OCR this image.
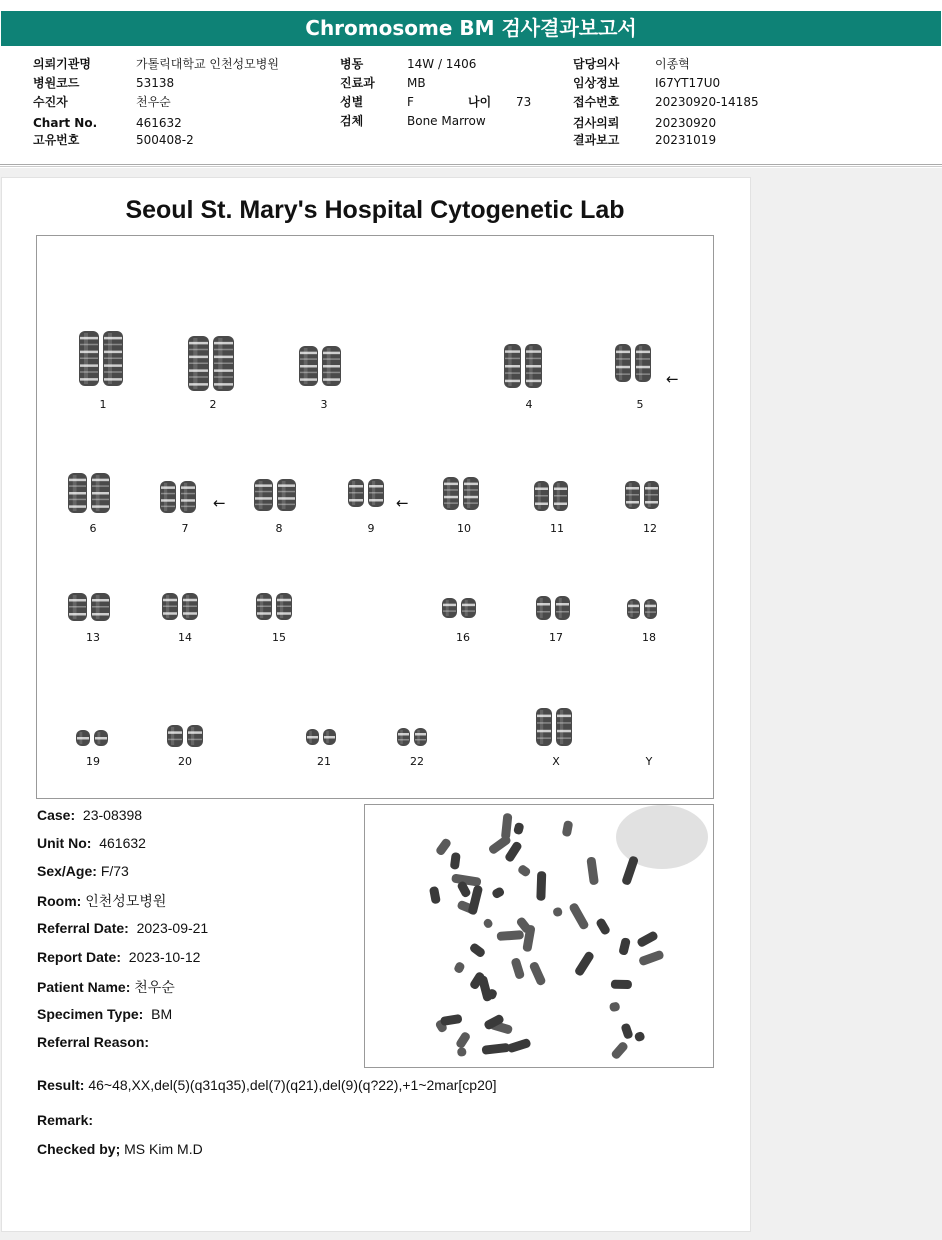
Chromosome BM 검사결과보고서
의뢰기관명	가톨릭대학교 인천성모병원
병원코드	53138
수진자	천우순
Chart No.	461632
고유번호	500408-2
병동	14W / 1406
진료과	MB
성별	F	나이 73
검체	Bone Marrow
담당의사	이종혁
임상정보	I67YT17U0
접수번호	20230920-14185
검사의뢰	20230920
결과보고	20231019
Seoul St. Mary's Hospital Cytogenetic Lab
1	2	3	4	5
6	7	8	9	10	11	12
13	14	15	16	17	18
19	20	21	22	X	Y
←
←	←
Case: 23-08398
Unit No: 461632
Sex/Age: F/73
Room: 인천성모병원
Referral Date: 2023-09-21
Report Date: 2023-10-12
Patient Name: 천우순
Specimen Type: BM
Referral Reason:
Result: 46~48,XX,del(5)(q31q35),del(7)(q21),del(9)(q?22),+1~2mar[cp20]
Remark:
Checked by; MS Kim M.D
